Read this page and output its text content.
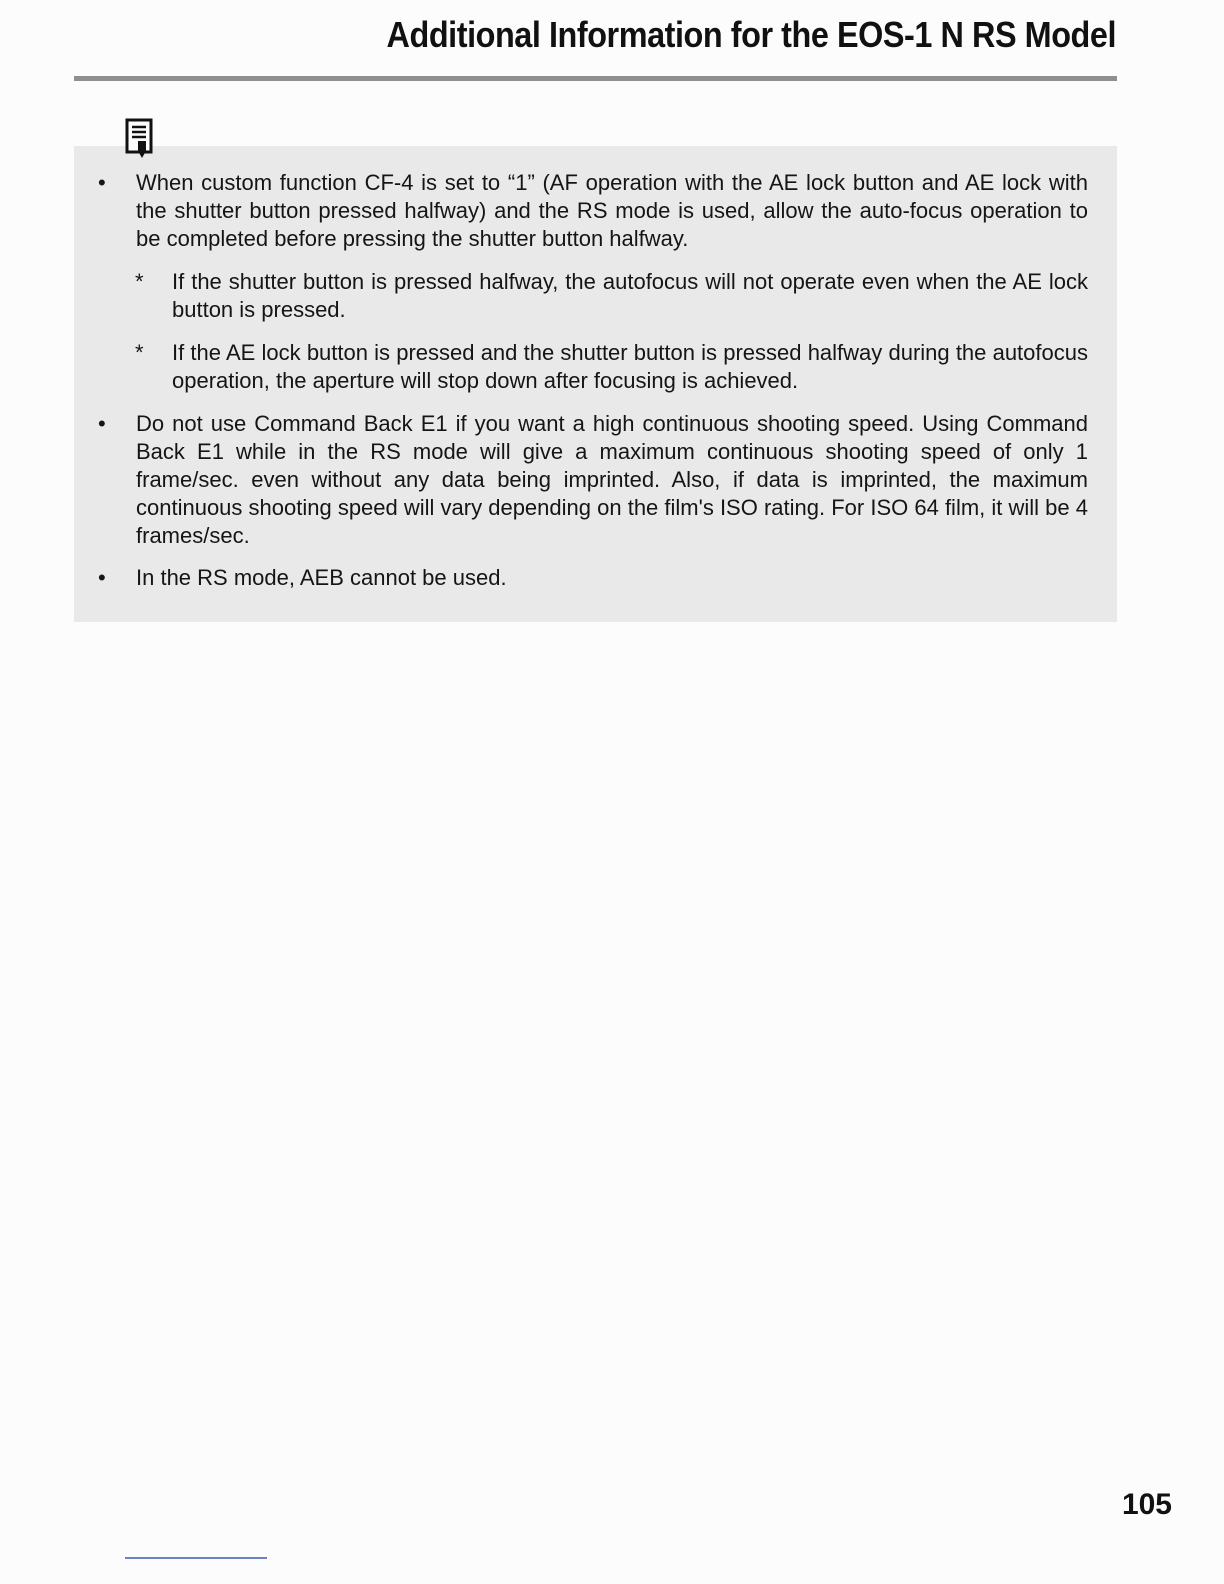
Additional Information for the EOS-1 N RS Model
•	When custom function CF-4 is set to “1” (AF operation with the AE lock button and AE lock with the shutter button pressed halfway) and the RS mode is used, allow the auto-focus operation to be completed before pressing the shutter button halfway.
*	If the shutter button is pressed halfway, the autofocus will not operate even when the AE lock button is pressed.
*	If the AE lock button is pressed and the shutter button is pressed halfway during the autofocus operation, the aperture will stop down after focusing is achieved.
•	Do not use Command Back E1 if you want a high continuous shooting speed. Using Command Back E1 while in the RS mode will give a maximum continuous shooting speed of only 1 frame/sec. even without any data being imprinted. Also, if data is imprinted, the maximum continuous shooting speed will vary depending on the film's ISO rating. For ISO 64 film, it will be 4 frames/sec.
•	In the RS mode, AEB cannot be used.
105
